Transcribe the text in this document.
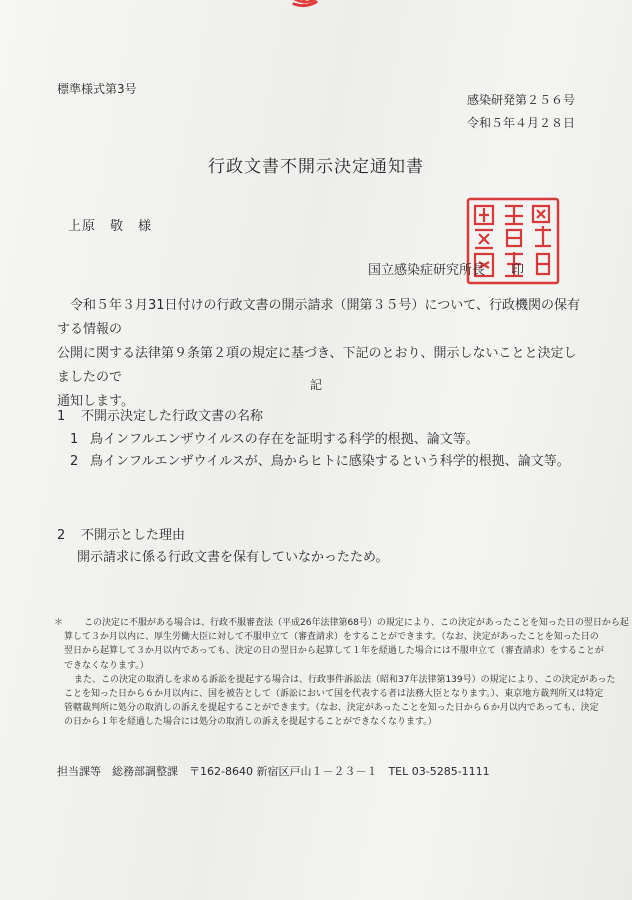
標準様式第3号
感染研発第２５６号
令和５年４月２８日
行政文書不開示決定通知書
上原　敬　様
国立感染症研究所長　　印
令和５年３月31日付けの行政文書の開示請求（開第３５号）について、行政機関の保有する情報の
公開に関する法律第９条第２項の規定に基づき、下記のとおり、開示しないことと決定しましたので
通知します。
記
1 不開示決定した行政文書の名称
1 鳥インフルエンザウイルスの存在を証明する科学的根拠、論文等。
2 鳥インフルエンザウイルスが、鳥からヒトに感染するという科学的根拠、論文等。
2 不開示とした理由
開示請求に係る行政文書を保有していなかったため。
＊ この決定に不服がある場合は、行政不服審査法（平成26年法律第68号）の規定により、この決定があったことを知った日の翌日から起
算して３か月以内に、厚生労働大臣に対して不服申立て（審査請求）をすることができます。（なお、決定があったことを知った日の
翌日から起算して３か月以内であっても、決定の日の翌日から起算して１年を経過した場合には不服申立て（審査請求）をすることが
できなくなります。）
また、この決定の取消しを求める訴訟を提起する場合は、行政事件訴訟法（昭和37年法律第139号）の規定により、この決定があった
ことを知った日から６か月以内に、国を被告として（訴訟において国を代表する者は法務大臣となります。）、東京地方裁判所又は特定
管轄裁判所に処分の取消しの訴えを提起することができます。（なお、決定があったことを知った日から６か月以内であっても、決定
の日から１年を経過した場合には処分の取消しの訴えを提起することができなくなります。）
担当課等　総務部調整課　〒162-8640 新宿区戸山１－２３－１　TEL 03-5285-1111
